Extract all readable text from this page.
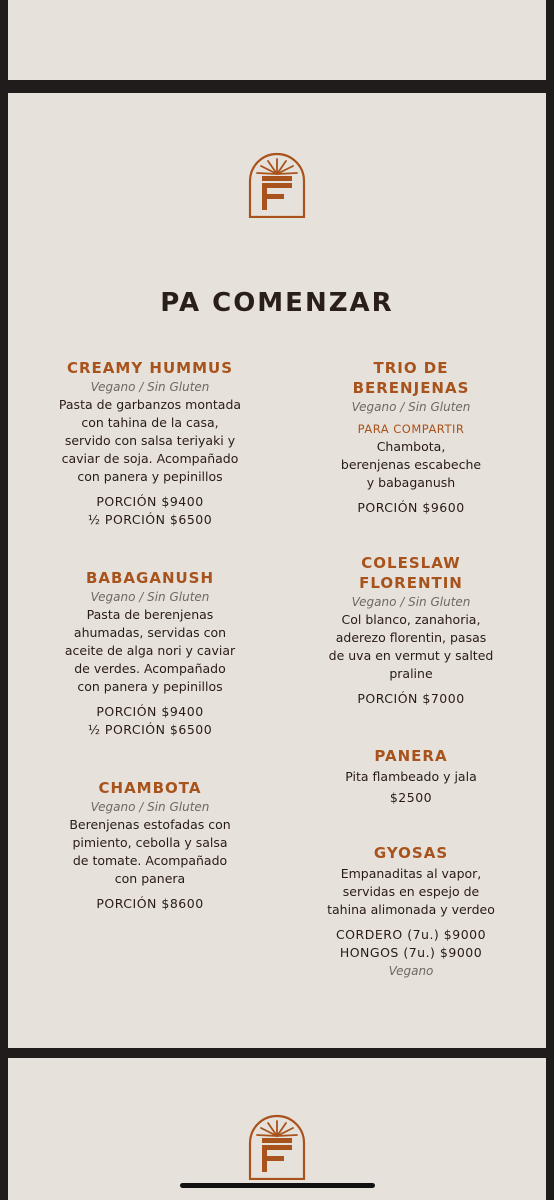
PA COMENZAR

CREAMY HUMMUS

Vegano / Sin Gluten

Pasta de garbanzos montada
con tahina de la casa,
servido con salsa teriyaki y
caviar de soja. Acompañado
con panera y pepinillos

PORCIÓN $9400

½ PORCIÓN $6500

BABAGANUSH

Vegano / Sin Gluten

Pasta de berenjenas
ahumadas, servidas con
aceite de alga nori y caviar
de verdes. Acompañado
con panera y pepinillos

PORCIÓN $9400

½ PORCIÓN $6500

CHAMBOTA

Vegano / Sin Gluten

Berenjenas estofadas con
pimiento, cebolla y salsa
de tomate. Acompañado
con panera

PORCIÓN $8600

TRIO DE
BERENJENAS

Vegano / Sin Gluten

PARA COMPARTIR

Chambota,
berenjenas escabeche
y babaganush

PORCIÓN $9600

COLESLAW
FLORENTIN

Vegano / Sin Gluten

Col blanco, zanahoria,
aderezo florentin, pasas
de uva en vermut y salted
praline

PORCIÓN $7000

PANERA

Pita flambeado y jala

$2500

GYOSAS

Empanaditas al vapor,
servidas en espejo de
tahina alimonada y verdeo

CORDERO (7u.) $9000

HONGOS (7u.) $9000

Vegano
